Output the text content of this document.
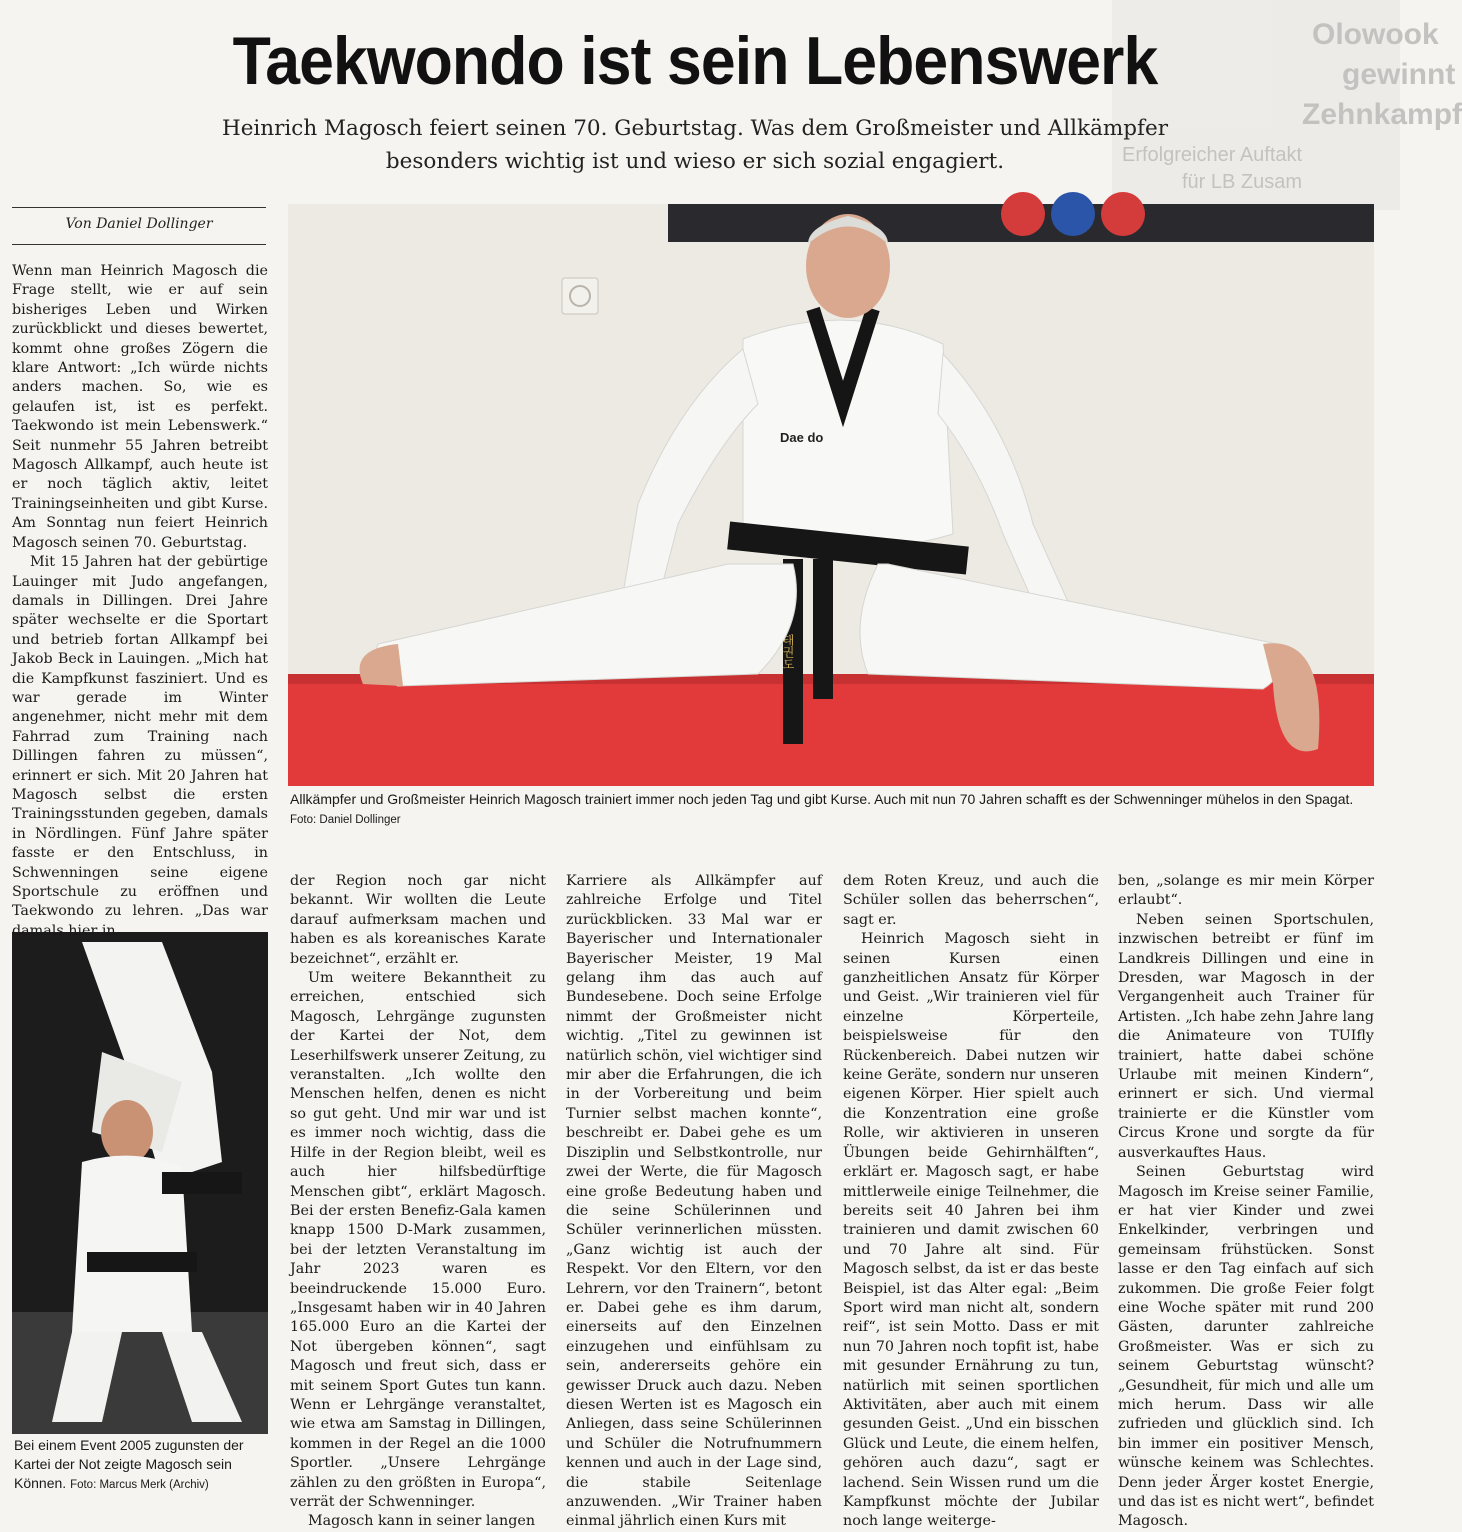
Olowook
gewinnt
Zehnkampf
Erfolgreicher Auftakt
für LB Zusam
Taekwondo ist sein Lebenswerk
Heinrich Magosch feiert seinen 70. Geburtstag. Was dem Großmeister und Allkämpfer
besonders wichtig ist und wieso er sich sozial engagiert.
Von Daniel Dollinger
태권도
Dae do
Allkämpfer und Großmeister Heinrich Magosch trainiert immer noch jeden Tag und gibt Kurse. Auch mit nun 70 Jahren schafft es der Schwenninger mühelos in den Spagat. Foto: Daniel Dollinger
Bei einem Event 2005 zugunsten der Kartei der Not zeigte Magosch sein Können. Foto: Marcus Merk (Archiv)

Wenn man Heinrich Magosch die Frage stellt, wie er auf sein bisheriges Leben und Wirken zurückblickt und dieses bewertet, kommt ohne großes Zögern die klare Antwort: „Ich würde nichts anders machen. So, wie es gelaufen ist, ist es perfekt. Taekwondo ist mein Lebenswerk.“ Seit nunmehr 55 Jahren betreibt Magosch Allkampf, auch heute ist er noch täglich aktiv, leitet Trainingseinheiten und gibt Kurse. Am Sonntag nun feiert Heinrich Magosch seinen 70. Geburtstag.

Mit 15 Jahren hat der gebürtige Lauinger mit Judo angefangen, damals in Dillingen. Drei Jahre später wechselte er die Sportart und betrieb fortan Allkampf bei Jakob Beck in Lauingen. „Mich hat die Kampfkunst fasziniert. Und es war gerade im Winter angenehmer, nicht mehr mit dem Fahrrad zum Training nach Dillingen fahren zu müssen“, erinnert er sich. Mit 20 Jahren hat Magosch selbst die ersten Trainingsstunden gegeben, damals in Nördlingen. Fünf Jahre später fasste er den Entschluss, in Schwenningen seine eigene Sportschule zu eröffnen und Taekwondo zu lehren. „Das war damals hier in

der Region noch gar nicht bekannt. Wir wollten die Leute darauf aufmerksam machen und haben es als koreanisches Karate bezeichnet“, erzählt er.

Um weitere Bekanntheit zu erreichen, entschied sich Magosch, Lehrgänge zugunsten der Kartei der Not, dem Leserhilfswerk unserer Zeitung, zu veranstalten. „Ich wollte den Menschen helfen, denen es nicht so gut geht. Und mir war und ist es immer noch wichtig, dass die Hilfe in der Region bleibt, weil es auch hier hilfsbedürftige Menschen gibt“, erklärt Magosch. Bei der ersten Benefiz-Gala kamen knapp 1500 D-Mark zusammen, bei der letzten Veranstaltung im Jahr 2023 waren es beeindruckende 15.000 Euro. „Insgesamt haben wir in 40 Jahren 165.000 Euro an die Kartei der Not übergeben können“, sagt Magosch und freut sich, dass er mit seinem Sport Gutes tun kann. Wenn er Lehrgänge veranstaltet, wie etwa am Samstag in Dillingen, kommen in der Regel an die 1000 Sportler. „Unsere Lehrgänge zählen zu den größten in Europa“, verrät der Schwenninger.

Magosch kann in seiner langen

Karriere als Allkämpfer auf zahlreiche Erfolge und Titel zurückblicken. 33 Mal war er Bayerischer und Internationaler Bayerischer Meister, 19 Mal gelang ihm das auch auf Bundesebene. Doch seine Erfolge nimmt der Großmeister nicht wichtig. „Titel zu gewinnen ist natürlich schön, viel wichtiger sind mir aber die Erfahrungen, die ich in der Vorbereitung und beim Turnier selbst machen konnte“, beschreibt er. Dabei gehe es um Disziplin und Selbstkontrolle, nur zwei der Werte, die für Magosch eine große Bedeutung haben und die seine Schülerinnen und Schüler verinnerlichen müssten. „Ganz wichtig ist auch der Respekt. Vor den Eltern, vor den Lehrern, vor den Trainern“, betont er. Dabei gehe es ihm darum, einerseits auf den Einzelnen einzugehen und einfühlsam zu sein, andererseits gehöre ein gewisser Druck auch dazu. Neben diesen Werten ist es Magosch ein Anliegen, dass seine Schülerinnen und Schüler die Notrufnummern kennen und auch in der Lage sind, die stabile Seitenlage anzuwenden. „Wir Trainer haben einmal jährlich einen Kurs mit

dem Roten Kreuz, und auch die Schüler sollen das beherrschen“, sagt er.

Heinrich Magosch sieht in seinen Kursen einen ganzheitlichen Ansatz für Körper und Geist. „Wir trainieren viel für einzelne Körperteile, beispielsweise für den Rückenbereich. Dabei nutzen wir keine Geräte, sondern nur unseren eigenen Körper. Hier spielt auch die Konzentration eine große Rolle, wir aktivieren in unseren Übungen beide Gehirnhälften“, erklärt er. Magosch sagt, er habe mittlerweile einige Teilnehmer, die bereits seit 40 Jahren bei ihm trainieren und damit zwischen 60 und 70 Jahre alt sind. Für Magosch selbst, da ist er das beste Beispiel, ist das Alter egal: „Beim Sport wird man nicht alt, sondern reif“, ist sein Motto. Dass er mit nun 70 Jahren noch topfit ist, habe mit gesunder Ernährung zu tun, natürlich mit seinen sportlichen Aktivitäten, aber auch mit einem gesunden Geist. „Und ein bisschen Glück und Leute, die einem helfen, gehören auch dazu“, sagt er lachend. Sein Wissen rund um die Kampfkunst möchte der Jubilar noch lange weiterge-

ben, „solange es mir mein Körper erlaubt“.

Neben seinen Sportschulen, inzwischen betreibt er fünf im Landkreis Dillingen und eine in Dresden, war Magosch in der Vergangenheit auch Trainer für Artisten. „Ich habe zehn Jahre lang die Animateure von TUIfly trainiert, hatte dabei schöne Urlaube mit meinen Kindern“, erinnert er sich. Und viermal trainierte er die Künstler vom Circus Krone und sorgte da für ausverkauftes Haus.

Seinen Geburtstag wird Magosch im Kreise seiner Familie, er hat vier Kinder und zwei Enkelkinder, verbringen und gemeinsam frühstücken. Sonst lasse er den Tag einfach auf sich zukommen. Die große Feier folgt eine Woche später mit rund 200 Gästen, darunter zahlreiche Großmeister. Was er sich zu seinem Geburtstag wünscht? „Gesundheit, für mich und alle um mich herum. Dass wir alle zufrieden und glücklich sind. Ich bin immer ein positiver Mensch, wünsche keinem was Schlechtes. Denn jeder Ärger kostet Energie, und das ist es nicht wert“, befindet Magosch.
